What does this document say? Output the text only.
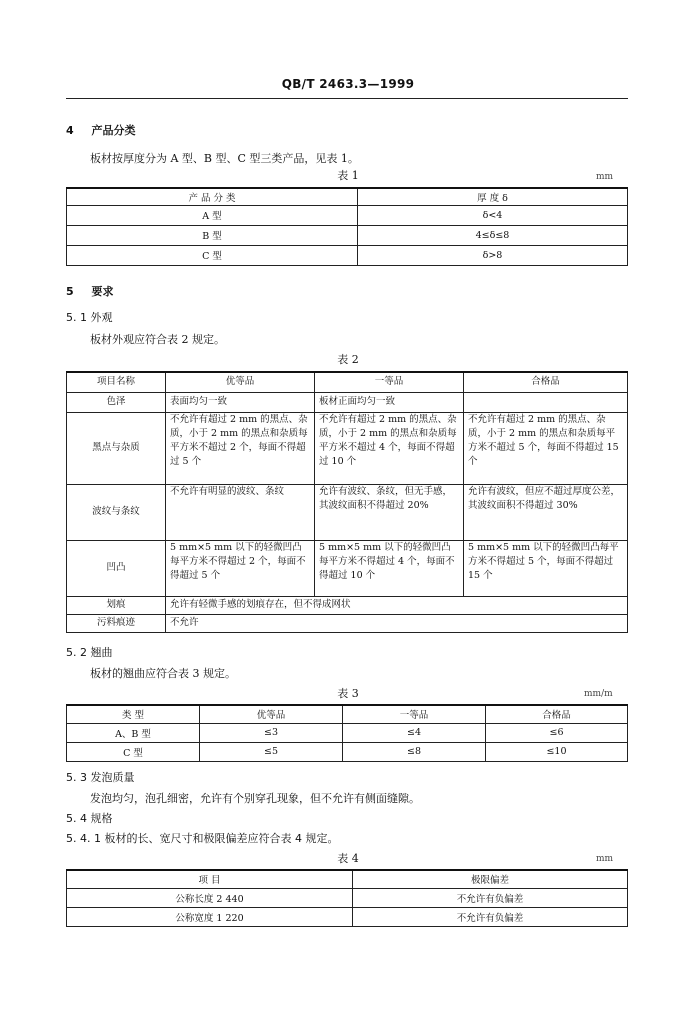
QB/T 2463.3—1999
4 产品分类
板材按厚度分为 A 型、B 型、C 型三类产品，见表 1。
表 1	mm
产 品 分 类	厚 度 δ
A 型	δ<4
B 型	4≤δ≤8
C 型	δ>8
5 要求
5. 1 外观
板材外观应符合表 2 规定。
表 2
项目名称	优等品	一等品	合格品
色泽	表面均匀一致	板材正面均匀一致	
黑点与杂质	不允许有超过 2 mm 的黑点、杂质，小于 2 mm 的黑点和杂质每平方米不超过 2 个，每面不得超过 5 个	不允许有超过 2 mm 的黑点、杂质，小于 2 mm 的黑点和杂质每平方米不超过 4 个，每面不得超过 10 个	不允许有超过 2 mm 的黑点、杂质，小于 2 mm 的黑点和杂质每平方米不超过 5 个，每面不得超过 15 个
波纹与条纹	不允许有明显的波纹、条纹	允许有波纹、条纹，但无手感，其波纹面积不得超过 20%	允许有波纹，但应不超过厚度公差，其波纹面积不得超过 30%
凹凸	5 mm×5 mm 以下的轻微凹凸每平方米不得超过 2 个，每面不得超过 5 个	5 mm×5 mm 以下的轻微凹凸每平方米不得超过 4 个，每面不得超过 10 个	5 mm×5 mm 以下的轻微凹凸每平方米不得超过 5 个，每面不得超过 15 个
划痕	允许有轻微手感的划痕存在，但不得成网状		
污料痕迹	不允许		
5. 2 翘曲
板材的翘曲应符合表 3 规定。
表 3	mm/m
类 型	优等品	一等品	合格品
A、B 型	≤3	≤4	≤6
C 型	≤5	≤8	≤10
5. 3 发泡质量
发泡均匀，泡孔细密，允许有个别穿孔现象，但不允许有侧面缝隙。
5. 4 规格
5. 4. 1 板材的长、宽尺寸和极限偏差应符合表 4 规定。
表 4	mm
项 目	极限偏差
公称长度 2 440	不允许有负偏差
公称宽度 1 220	不允许有负偏差
